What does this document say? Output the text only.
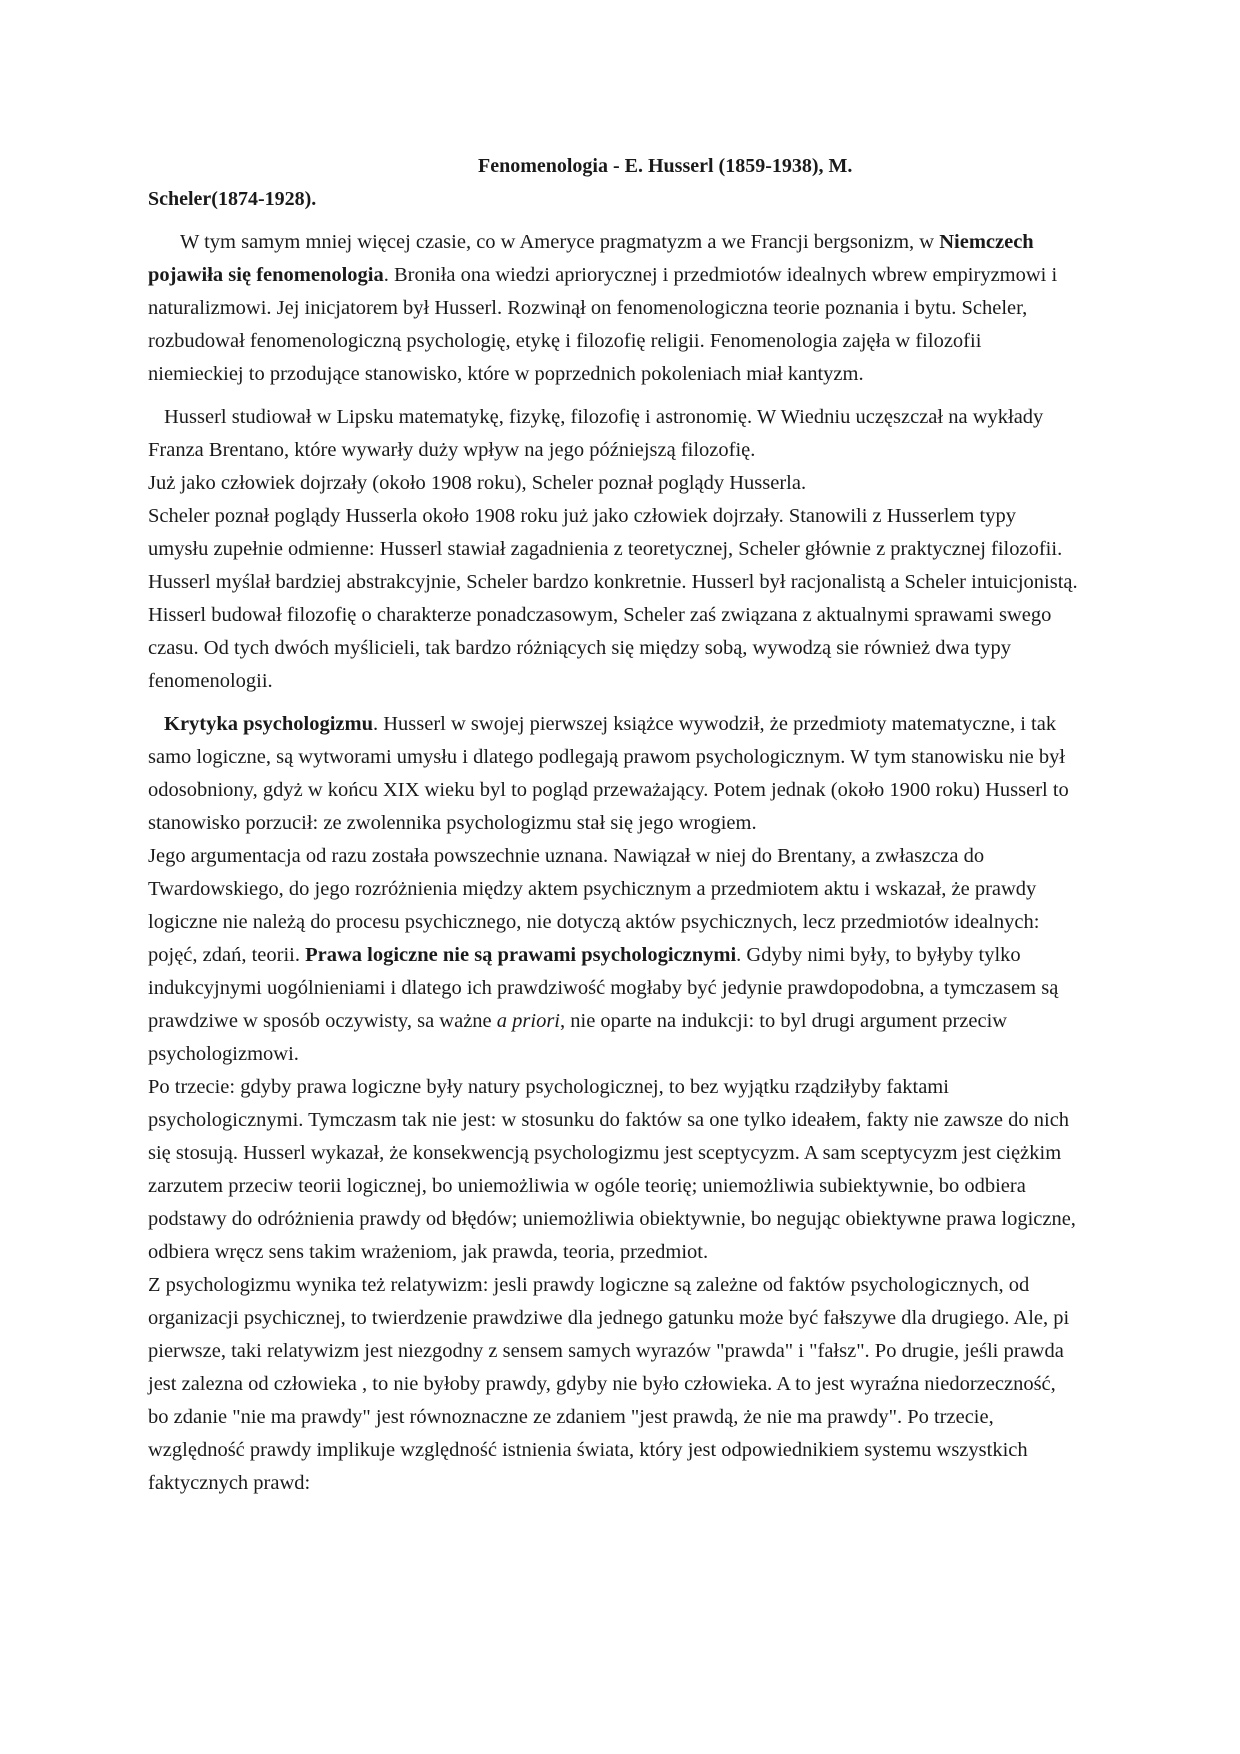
Fenomenologia - E. Husserl (1859-1938), M.

Scheler(1874-1928).

W tym samym mniej więcej czasie, co w Ameryce pragmatyzm a we Francji bergsonizm, w Niemczech pojawiła się fenomenologia. Broniła ona wiedzi apriorycznej i przedmiotów idealnych wbrew empiryzmowi i naturalizmowi. Jej inicjatorem był Husserl. Rozwinął on fenomenologiczna teorie poznania i bytu. Scheler, rozbudował fenomenologiczną psychologię, etykę i filozofię religii. Fenomenologia zajęła w filozofii niemieckiej to przodujące stanowisko, które w poprzednich pokoleniach miał kantyzm.

Husserl studiował w Lipsku matematykę, fizykę, filozofię i astronomię. W Wiedniu uczęszczał na wykłady Franza Brentano, które wywarły duży wpływ na jego późniejszą filozofię.

Już jako człowiek dojrzały (około 1908 roku), Scheler poznał poglądy Husserla.

Scheler poznał poglądy Husserla około 1908 roku już jako człowiek dojrzały. Stanowili z Husserlem typy umysłu zupełnie odmienne: Husserl stawiał zagadnienia z teoretycznej, Scheler głównie z praktycznej filozofii. Husserl myślał bardziej abstrakcyjnie, Scheler bardzo konkretnie. Husserl był racjonalistą a Scheler intuicjonistą. Hisserl budował filozofię o charakterze ponadczasowym, Scheler zaś związana z aktualnymi sprawami swego czasu. Od tych dwóch myślicieli, tak bardzo różniących się między sobą, wywodzą sie również dwa typy fenomenologii.

Krytyka psychologizmu. Husserl w swojej pierwszej książce wywodził, że przedmioty matematyczne, i tak samo logiczne, są wytworami umysłu i dlatego podlegają prawom psychologicznym. W tym stanowisku nie był odosobniony, gdyż w końcu XIX wieku byl to pogląd przeważający. Potem jednak (około 1900 roku) Husserl to stanowisko porzucił: ze zwolennika psychologizmu stał się jego wrogiem.

Jego argumentacja od razu została powszechnie uznana. Nawiązał w niej do Brentany, a zwłaszcza do Twardowskiego, do jego rozróżnienia między aktem psychicznym a przedmiotem aktu i wskazał, że prawdy logiczne nie należą do procesu psychicznego, nie dotyczą aktów psychicznych, lecz przedmiotów idealnych: pojęć, zdań, teorii. Prawa logiczne nie są prawami psychologicznymi. Gdyby nimi były, to byłyby tylko indukcyjnymi uogólnieniami i dlatego ich prawdziwość mogłaby być jedynie prawdopodobna, a tymczasem są prawdziwe w sposób oczywisty, sa ważne a priori, nie oparte na indukcji: to byl drugi argument przeciw psychologizmowi.

Po trzecie: gdyby prawa logiczne były natury psychologicznej, to bez wyjątku rządziłyby faktami psychologicznymi. Tymczasm tak nie jest: w stosunku do faktów sa one tylko ideałem, fakty nie zawsze do nich się stosują. Husserl wykazał, że konsekwencją psychologizmu jest sceptycyzm. A sam sceptycyzm jest ciężkim zarzutem przeciw teorii logicznej, bo uniemożliwia w ogóle teorię; uniemożliwia subiektywnie, bo odbiera podstawy do odróżnienia prawdy od błędów; uniemożliwia obiektywnie, bo negując obiektywne prawa logiczne, odbiera wręcz sens takim wrażeniom, jak prawda, teoria, przedmiot.

Z psychologizmu wynika też relatywizm: jesli prawdy logiczne są zależne od faktów psychologicznych, od organizacji psychicznej, to twierdzenie prawdziwe dla jednego gatunku może być fałszywe dla drugiego. Ale, pi pierwsze, taki relatywizm jest niezgodny z sensem samych wyrazów "prawda" i "fałsz". Po drugie, jeśli prawda jest zalezna od człowieka , to nie byłoby prawdy, gdyby nie było człowieka. A to jest wyraźna niedorzeczność, bo zdanie "nie ma prawdy" jest równoznaczne ze zdaniem "jest prawdą, że nie ma prawdy". Po trzecie, względność prawdy implikuje względność istnienia świata, który jest odpowiednikiem systemu wszystkich faktycznych prawd:
